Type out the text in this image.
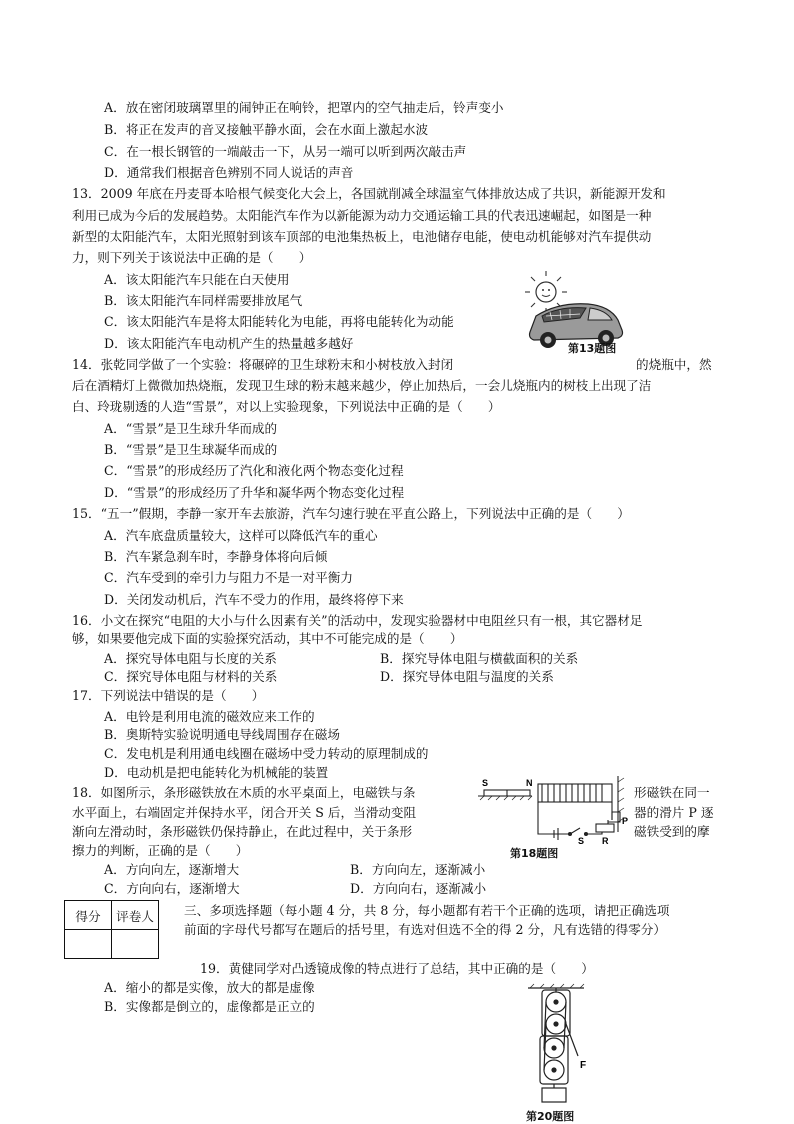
A．放在密闭玻璃罩里的闹钟正在响铃，把罩内的空气抽走后，铃声变小
B．将正在发声的音叉接触平静水面，会在水面上激起水波
C．在一根长钢管的一端敲击一下，从另一端可以听到两次敲击声
D．通常我们根据音色辨别不同人说话的声音
13．2009 年底在丹麦哥本哈根气候变化大会上，各国就削减全球温室气体排放达成了共识，新能源开发和
利用已成为今后的发展趋势。太阳能汽车作为以新能源为动力交通运输工具的代表迅速崛起，如图是一种
新型的太阳能汽车，太阳光照射到该车顶部的电池集热板上，电池储存电能，使电动机能够对汽车提供动
力，则下列关于该说法中正确的是（　　）
A．该太阳能汽车只能在白天使用
B．该太阳能汽车同样需要排放尾气
C．该太阳能汽车是将太阳能转化为电能，再将电能转化为动能
D．该太阳能汽车电动机产生的热量越多越好	第13题图
14．张乾同学做了一个实验：将碾碎的卫生球粉末和小树枝放入封闭	的烧瓶中，然
后在酒精灯上微微加热烧瓶，发现卫生球的粉末越来越少，停止加热后，一会儿烧瓶内的树枝上出现了洁
白、玲珑剔透的人造“雪景”，对以上实验现象，下列说法中正确的是（　　）
A．“雪景”是卫生球升华而成的
B．“雪景”是卫生球凝华而成的
C．“雪景”的形成经历了汽化和液化两个物态变化过程
D．“雪景”的形成经历了升华和凝华两个物态变化过程
15．“五一”假期，李静一家开车去旅游，汽车匀速行驶在平直公路上，下列说法中正确的是（　　）
A．汽车底盘质量较大，这样可以降低汽车的重心
B．汽车紧急刹车时，李静身体将向后倾
C．汽车受到的牵引力与阻力不是一对平衡力
D．关闭发动机后，汽车不受力的作用，最终将停下来
16．小文在探究“电阻的大小与什么因素有关”的活动中，发现实验器材中电阻丝只有一根，其它器材足
够，如果要他完成下面的实验探究活动，其中不可能完成的是（　　）
A．探究导体电阻与长度的关系	B．探究导体电阻与横截面积的关系
C．探究导体电阻与材料的关系	D．探究导体电阻与温度的关系
17．下列说法中错误的是（　　）
A．电铃是利用电流的磁效应来工作的
B．奥斯特实验说明通电导线周围存在磁场
C．发电机是利用通电线圈在磁场中受力转动的原理制成的
D．电动机是把电能转化为机械能的装置
18．如图所示，条形磁铁放在木质的水平桌面上，电磁铁与条	形磁铁在同一
水平面上，右端固定并保持水平，闭合开关 S 后，当滑动变阻	器的滑片 P 逐
渐向左滑动时，条形磁铁仍保持静止，在此过程中，关于条形	磁铁受到的摩
擦力的判断，正确的是（　　）
A．方向向左，逐渐增大	B．方向向左，逐渐减小
C．方向向右，逐渐增大	D．方向向右，逐渐减小
S	N
S R
P
第18题图
得分	评卷人
	三、多项选择题（每小题 4 分，共 8 分，每小题都有若干个正确的选项，请把正确选项
前面的字母代号都写在题后的括号里，有选对但选不全的得 2 分，凡有选错的得零分）
19．黄健同学对凸透镜成像的特点进行了总结，其中正确的是（　　）
A．缩小的都是实像，放大的都是虚像
B．实像都是倒立的，虚像都是正立的
F
第20题图
